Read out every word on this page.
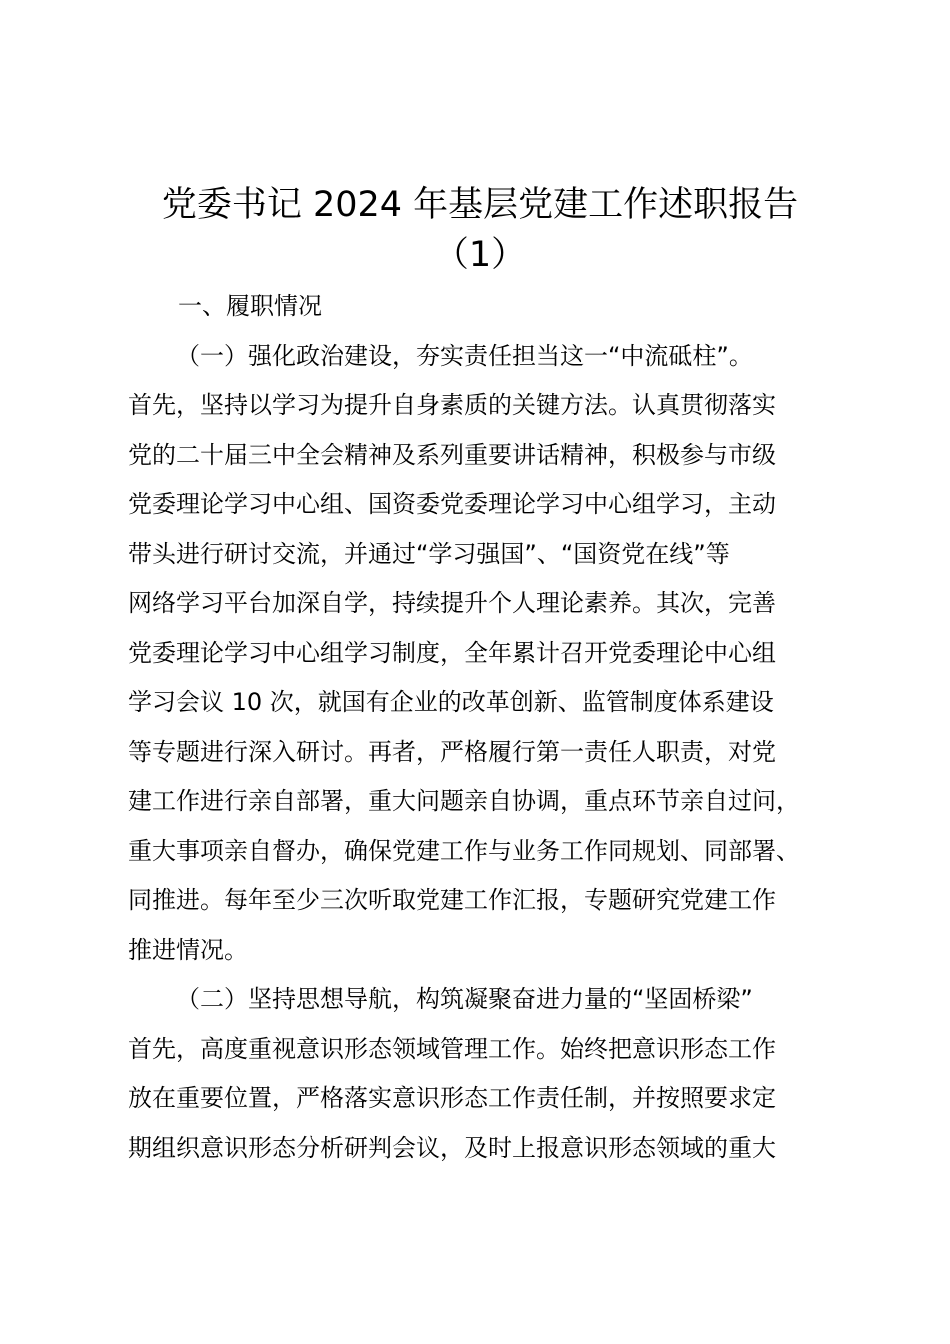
党委书记 2024 年基层党建工作述职报告
（1）
一、履职情况
（一）强化政治建设，夯实责任担当这一“中流砥柱”。
首先，坚持以学习为提升自身素质的关键方法。认真贯彻落实
党的二十届三中全会精神及系列重要讲话精神，积极参与市级
党委理论学习中心组、国资委党委理论学习中心组学习，主动
带头进行研讨交流，并通过“学习强国”、“国资党在线”等
网络学习平台加深自学，持续提升个人理论素养。其次，完善
党委理论学习中心组学习制度，全年累计召开党委理论中心组
学习会议 10 次，就国有企业的改革创新、监管制度体系建设
等专题进行深入研讨。再者，严格履行第一责任人职责，对党
建工作进行亲自部署，重大问题亲自协调，重点环节亲自过问，
重大事项亲自督办，确保党建工作与业务工作同规划、同部署、
同推进。每年至少三次听取党建工作汇报，专题研究党建工作
推进情况。
（二）坚持思想导航，构筑凝聚奋进力量的“坚固桥梁”
首先，高度重视意识形态领域管理工作。始终把意识形态工作
放在重要位置，严格落实意识形态工作责任制，并按照要求定
期组织意识形态分析研判会议，及时上报意识形态领域的重大
